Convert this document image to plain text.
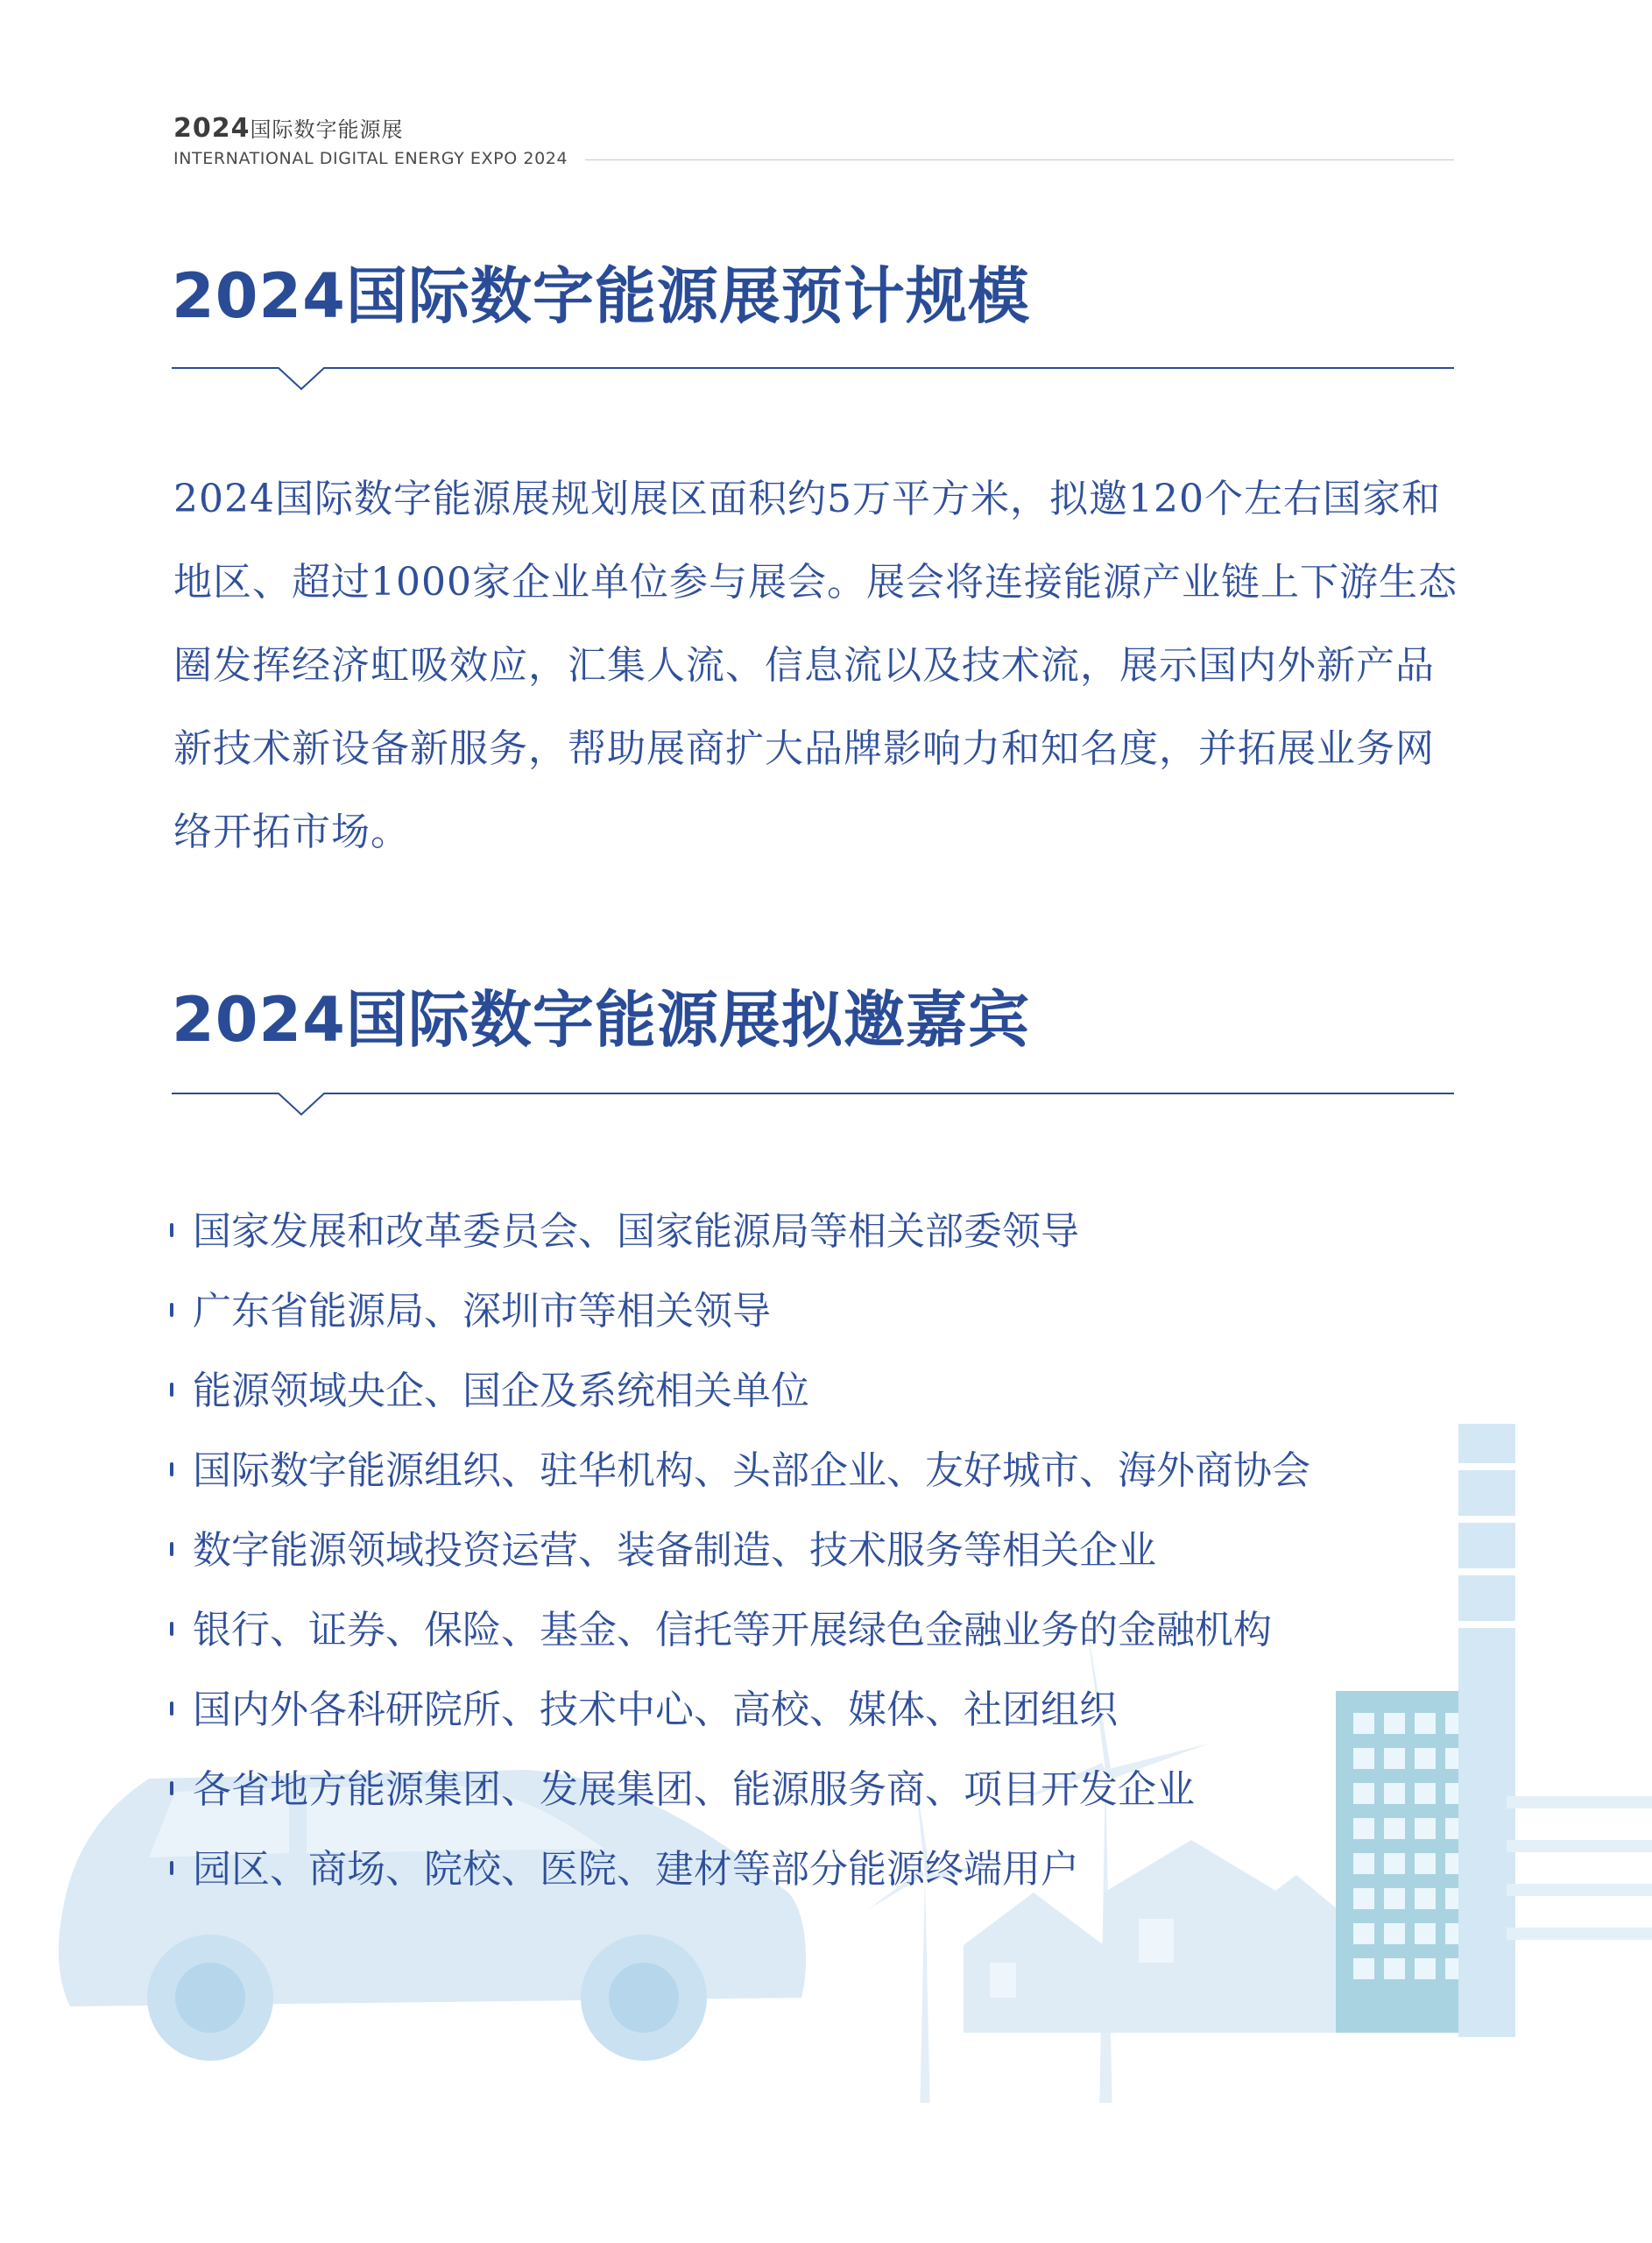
2024国际数字能源展
INTERNATIONAL DIGITAL ENERGY EXPO 2024
2024国际数字能源展预计规模

2024国际数字能源展规划展区面积约5万平方米，拟邀120个左右国家和地区、超过1000家企业单位参与展会。展会将连接能源产业链上下游生态圈发挥经济虹吸效应，汇集人流、信息流以及技术流，展示国内外新产品新技术新设备新服务，帮助展商扩大品牌影响力和知名度，并拓展业务网络开拓市场。

2024国际数字能源展拟邀嘉宾
国家发展和改革委员会、国家能源局等相关部委领导
广东省能源局、深圳市等相关领导
能源领域央企、国企及系统相关单位
国际数字能源组织、驻华机构、头部企业、友好城市、海外商协会
数字能源领域投资运营、装备制造、技术服务等相关企业
银行、证券、保险、基金、信托等开展绿色金融业务的金融机构
国内外各科研院所、技术中心、高校、媒体、社团组织
各省地方能源集团、发展集团、能源服务商、项目开发企业
园区、商场、院校、医院、建材等部分能源终端用户
